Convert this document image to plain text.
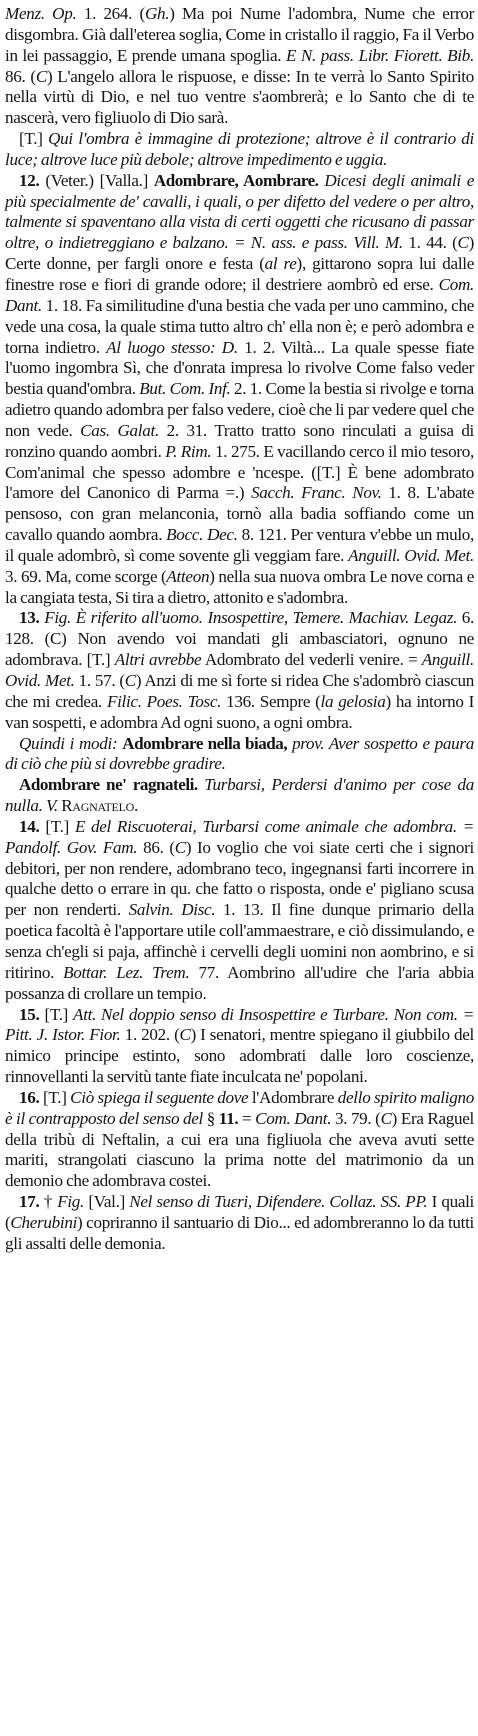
Menz. Op. 1. 264. (Gh.) Ma poi Nume l'adombra, Nume che error disgombra. Già dall'eterea soglia, Come in cristallo il raggio, Fa il Verbo in lei passaggio, E prende umana spoglia. E N. pass. Libr. Fiorett. Bib. 86. (C) L'angelo allora le rispuose, e disse: In te verrà lo Santo Spirito nella virtù di Dio, e nel tuo ventre s'aombrerà; e lo Santo che di te nascerà, vero figliuolo di Dio sarà.

[T.] Qui l'ombra è immagine di protezione; altrove è il contrario di luce; altrove luce più debole; altrove impedimento e uggia.

12. (Veter.) [Valla.] Adombrare, Aombrare. Dicesi degli animali e più specialmente de' cavalli, i quali, o per difetto del vedere o per altro, talmente si spaventano alla vista di certi oggetti che ricusano di passar oltre, o indietreggiano e balzano. = N. ass. e pass. Vill. M. 1. 44. (C) Certe donne, per fargli onore e festa (al re), gittarono sopra lui dalle finestre rose e fiori di grande odore; il destriere aombrò ed erse. Com. Dant. 1. 18. Fa similitudine d'una bestia che vada per uno cammino, che vede una cosa, la quale stima tutto altro ch' ella non è; e però adombra e torna indietro. Al luogo stesso: D. 1. 2. Viltà... La quale spesse fiate l'uomo ingombra Sì, che d'onrata impresa lo rivolve Come falso veder bestia quand'ombra. But. Com. Inf. 2. 1. Come la bestia si rivolge e torna adietro quando adombra per falso vedere, cioè che li par vedere quel che non vede. Cas. Galat. 2. 31. Tratto tratto sono rinculati a guisa di ronzino quando aombri. P. Rim. 1. 275. E vacillando cerco il mio tesoro, Com'animal che spesso adombre e 'ncespe. ([T.] È bene adombrato l'amore del Canonico di Parma =.) Sacch. Franc. Nov. 1. 8. L'abate pensoso, con gran melanconia, tornò alla badia soffiando come un cavallo quando aombra. Bocc. Dec. 8. 121. Per ventura v'ebbe un mulo, il quale adombrò, sì come sovente gli veggiam fare. Anguill. Ovid. Met. 3. 69. Ma, come scorge (Atteon) nella sua nuova ombra Le nove corna e la cangiata testa, Si tira a dietro, attonito e s'adombra.

13. Fig. È riferito all'uomo. Insospettire, Temere. Machiav. Legaz. 6. 128. (C) Non avendo voi mandati gli ambasciatori, ognuno ne adombrava. [T.] Altri avrebbe Adombrato del vederli venire. = Anguill. Ovid. Met. 1. 57. (C) Anzi di me sì forte si ridea Che s'adombrò ciascun che mi credea. Filic. Poes. Tosc. 136. Sempre (la gelosia) ha intorno I van sospetti, e adombra Ad ogni suono, a ogni ombra.

Quindi i modi: Adombrare nella biada, prov. Aver sospetto e paura di ciò che più si dovrebbe gradire.

Adombrare ne' ragnateli. Turbarsi, Perdersi d'animo per cose da nulla. V. Ragnatelo.

14. [T.] E del Riscuoterai, Turbarsi come animale che adombra. = Pandolf. Gov. Fam. 86. (C) Io voglio che voi siate certi che i signori debitori, per non rendere, adombrano teco, ingegnansi farti incorrere in qualche detto o errare in qu. che fatto o risposta, onde e' pigliano scusa per non renderti. Salvin. Disc. 1. 13. Il fine dunque primario della poetica facoltà è l'apportare utile coll'ammaestrare, e ciò dissimulando, e senza ch'egli si paja, affinchè i cervelli degli uomini non aombrino, e si ritirino. Bottar. Lez. Trem. 77. Aombrino all'udire che l'aria abbia possanza di crollare un tempio.

15. [T.] Att. Nel doppio senso di Insospettire e Turbare. Non com. = Pitt. J. Istor. Fior. 1. 202. (C) I senatori, mentre spiegano il giubbilo del nimico principe estinto, sono adombrati dalle loro coscienze, rinnovellanti la servitù tante fiate inculcata ne' popolani.

16. [T.] Ciò spiega il seguente dove l'Adombrare dello spirito maligno è il contrapposto del senso del § 11. = Com. Dant. 3. 79. (C) Era Raguel della tribù di Neftalin, a cui era una figliuola che aveva avuti sette mariti, strangolati ciascuno la prima notte del matrimonio da un demonio che adombrava costei.

17. † Fig. [Val.] Nel senso di Tuɛri, Difendere. Collaz. SS. PP. I quali (Cherubini) copriranno il santuario di Dio... ed adombreranno lo da tutti gli assalti delle demonia.
